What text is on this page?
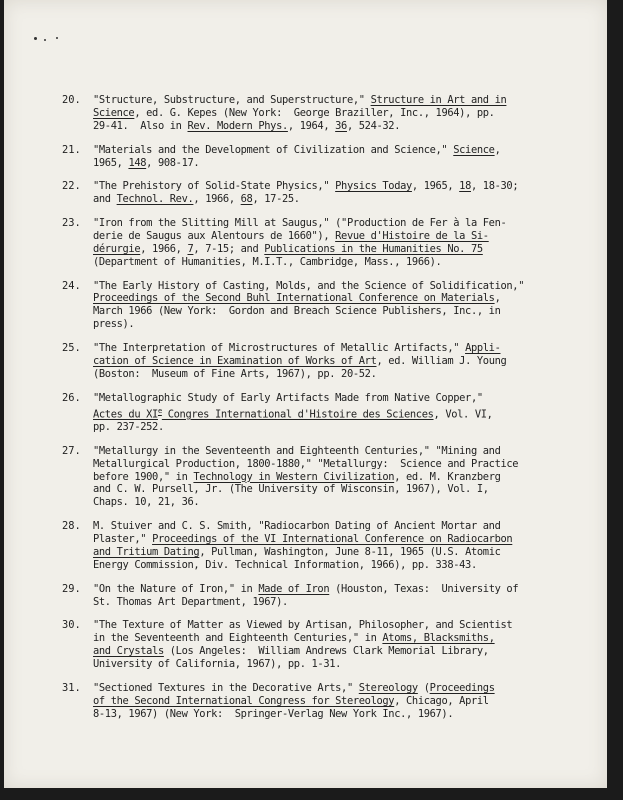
20. "Structure, Substructure, and Superstructure," Structure in Art and in
Science, ed. G. Kepes (New York:  George Braziller, Inc., 1964), pp.
29-41.  Also in Rev. Modern Phys., 1964, 36, 524-32.
21. "Materials and the Development of Civilization and Science," Science,
1965, 148, 908-17.
22. "The Prehistory of Solid-State Physics," Physics Today, 1965, 18, 18-30;
and Technol. Rev., 1966, 68, 17-25.
23. "Iron from the Slitting Mill at Saugus," ("Production de Fer à la Fen-
derie de Saugus aux Alentours de 1660"), Revue d'Histoire de la Si-
dérurgie, 1966, 7, 7-15; and Publications in the Humanities No. 75
(Department of Humanities, M.I.T., Cambridge, Mass., 1966).
24. "The Early History of Casting, Molds, and the Science of Solidification,"
Proceedings of the Second Buhl International Conference on Materials,
March 1966 (New York:  Gordon and Breach Science Publishers, Inc., in
press).
25. "The Interpretation of Microstructures of Metallic Artifacts," Appli-
cation of Science in Examination of Works of Art, ed. William J. Young
(Boston:  Museum of Fine Arts, 1967), pp. 20-52.
26. "Metallographic Study of Early Artifacts Made from Native Copper,"
Actes du XIe Congres International d'Histoire des Sciences, Vol. VI,
pp. 237-252.
27. "Metallurgy in the Seventeenth and Eighteenth Centuries," "Mining and
Metallurgical Production, 1800-1880," "Metallurgy:  Science and Practice
before 1900," in Technology in Western Civilization, ed. M. Kranzberg
and C. W. Pursell, Jr. (The University of Wisconsin, 1967), Vol. I,
Chaps. 10, 21, 36.
28. M. Stuiver and C. S. Smith, "Radiocarbon Dating of Ancient Mortar and
Plaster," Proceedings of the VI International Conference on Radiocarbon
and Tritium Dating, Pullman, Washington, June 8-11, 1965 (U.S. Atomic
Energy Commission, Div. Technical Information, 1966), pp. 338-43.
29. "On the Nature of Iron," in Made of Iron (Houston, Texas:  University of
St. Thomas Art Department, 1967).
30. "The Texture of Matter as Viewed by Artisan, Philosopher, and Scientist
in the Seventeenth and Eighteenth Centuries," in Atoms, Blacksmiths,
and Crystals (Los Angeles:  William Andrews Clark Memorial Library,
University of California, 1967), pp. 1-31.
31. "Sectioned Textures in the Decorative Arts," Stereology (Proceedings
of the Second International Congress for Stereology, Chicago, April
8-13, 1967) (New York:  Springer-Verlag New York Inc., 1967).
